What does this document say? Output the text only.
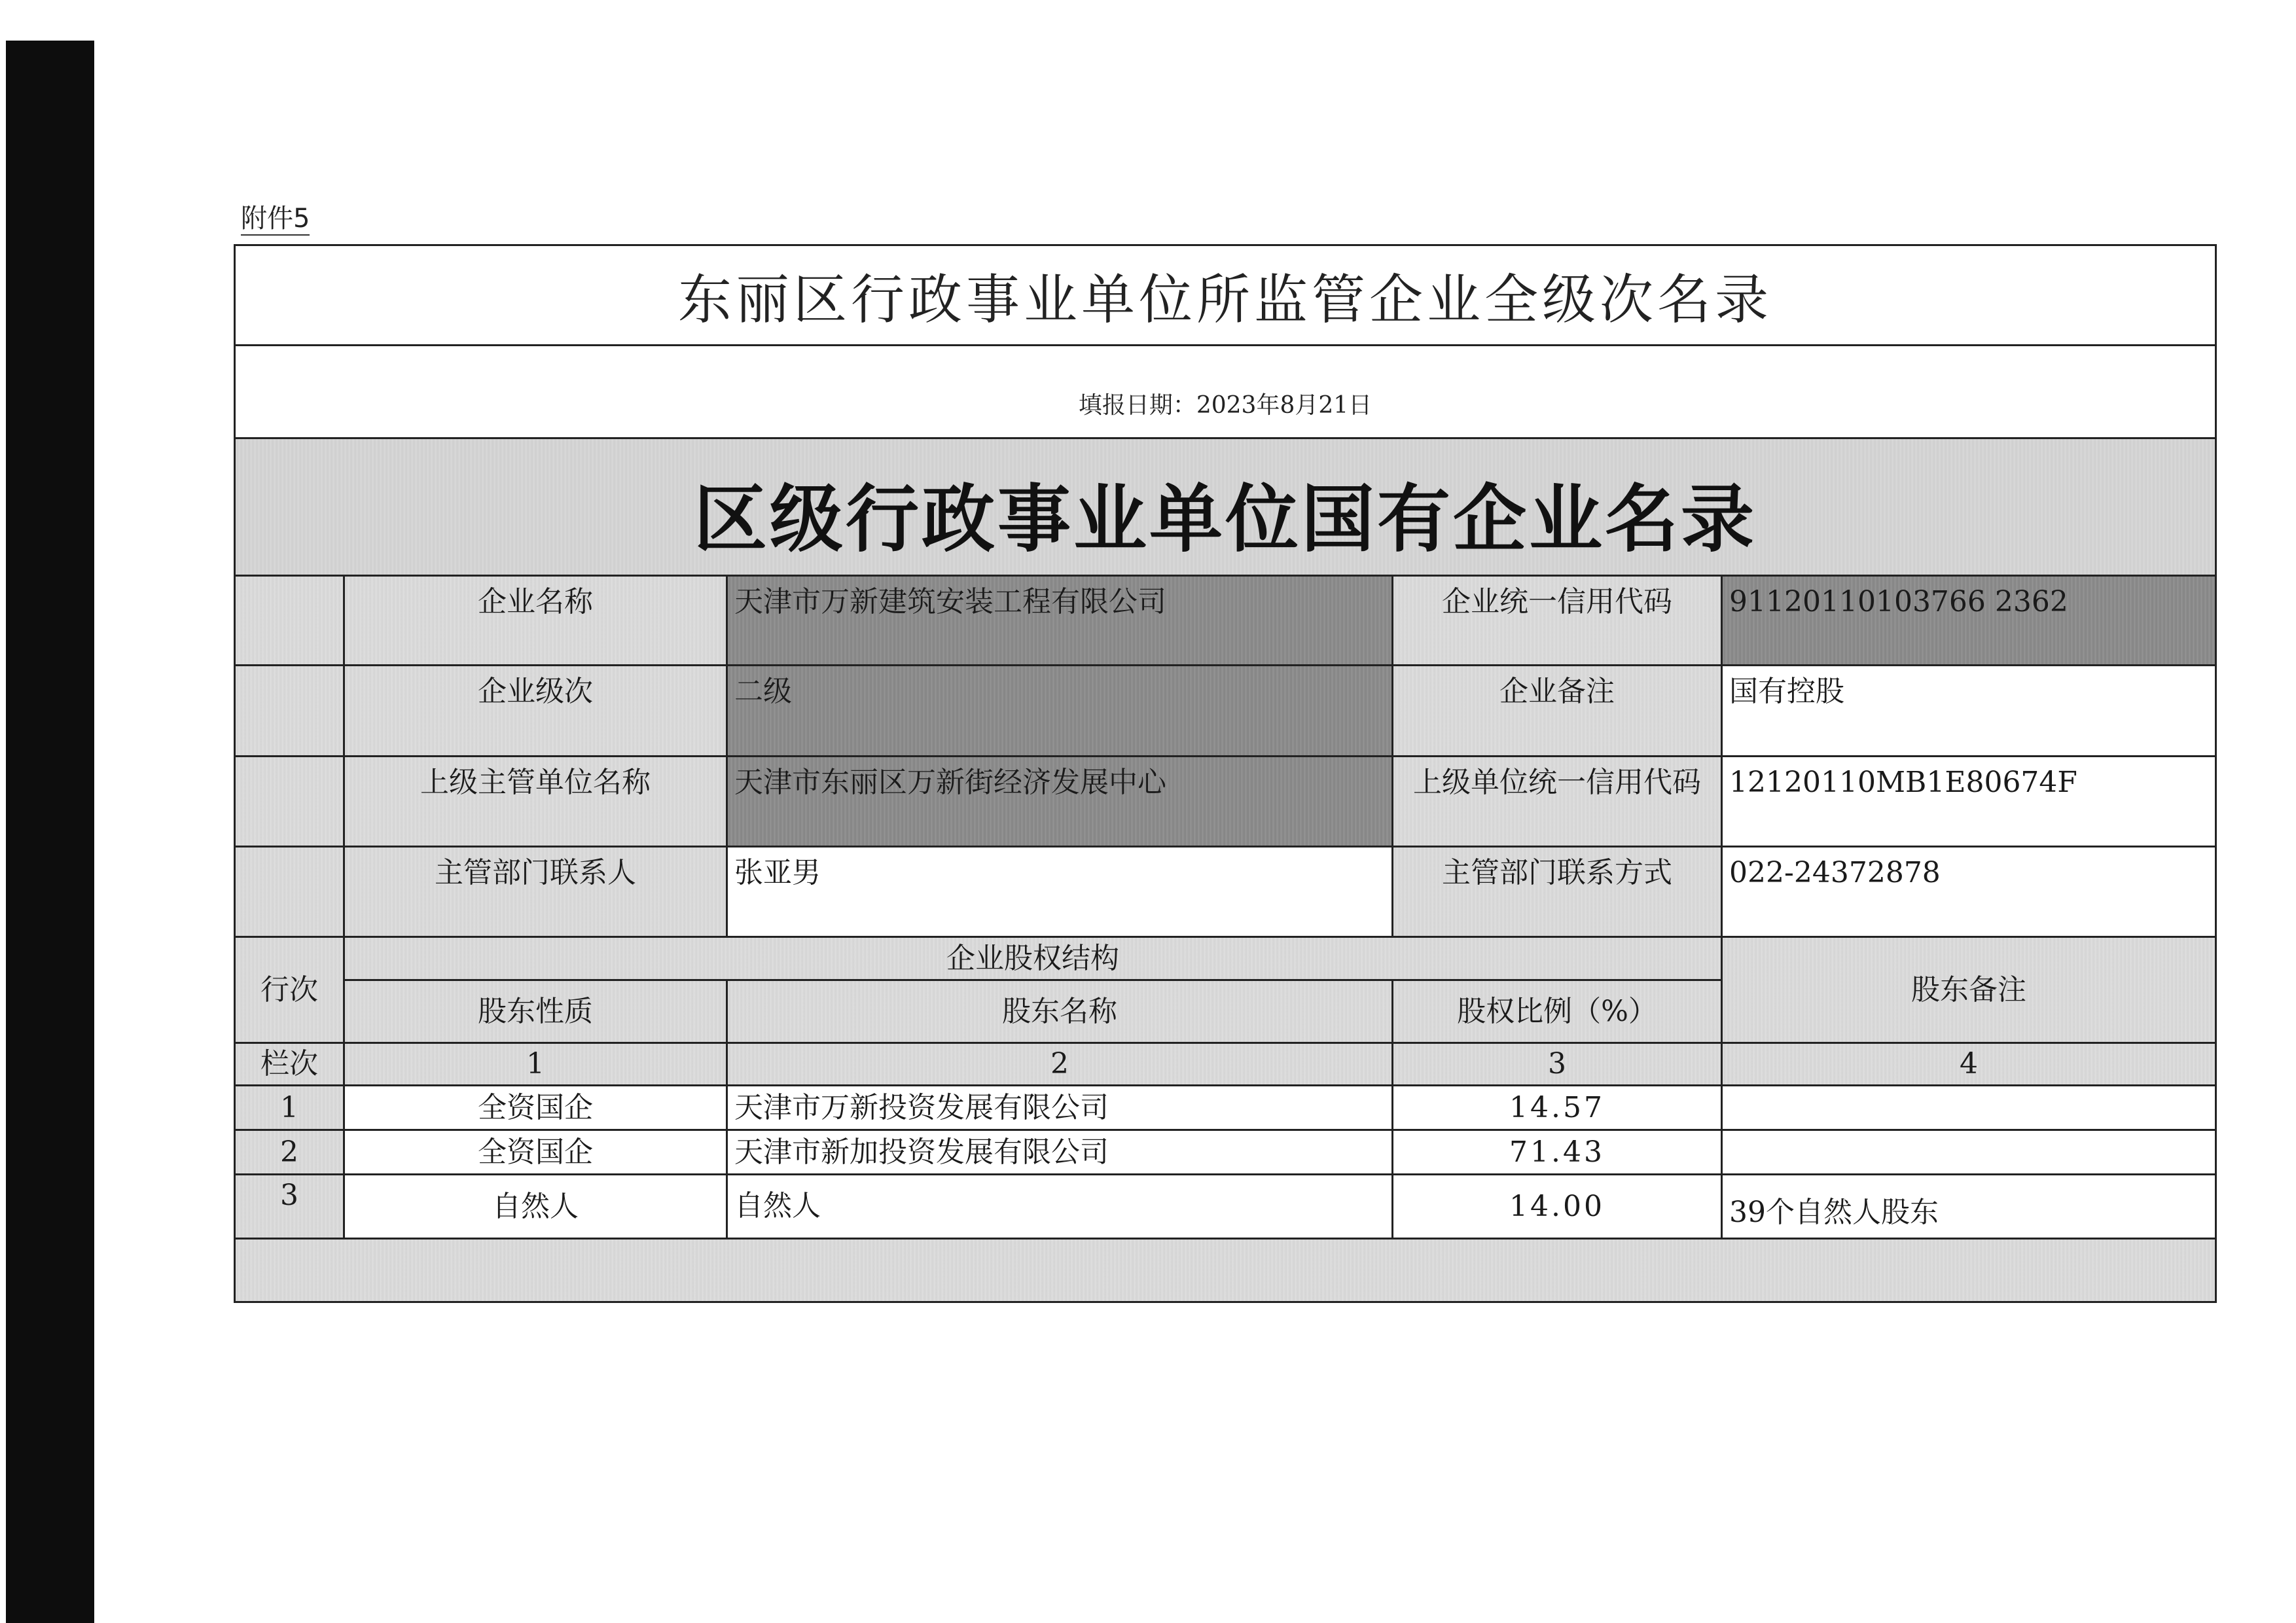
附件5
东丽区行政事业单位所监管企业全级次名录
填报日期：2023年8月21日
区级行政事业单位国有企业名录
企业名称	天津市万新建筑安装工程有限公司	企业统一信用代码	91120110103766 2362
企业级次	二级	企业备注	国有控股
上级主管单位名称	天津市东丽区万新街经济发展中心	上级单位统一信用代码 12120110MB1E80674F
主管部门联系人	张亚男	主管部门联系方式	022-24372878
行次
企业股权结构
股东备注
股东性质	股东名称	股权比例（%）
栏次	1	2	3	4
1	全资国企	天津市万新投资发展有限公司	14.57
2	全资国企	天津市新加投资发展有限公司	71.43
3	自然人	自然人	14.00	39个自然人股东
